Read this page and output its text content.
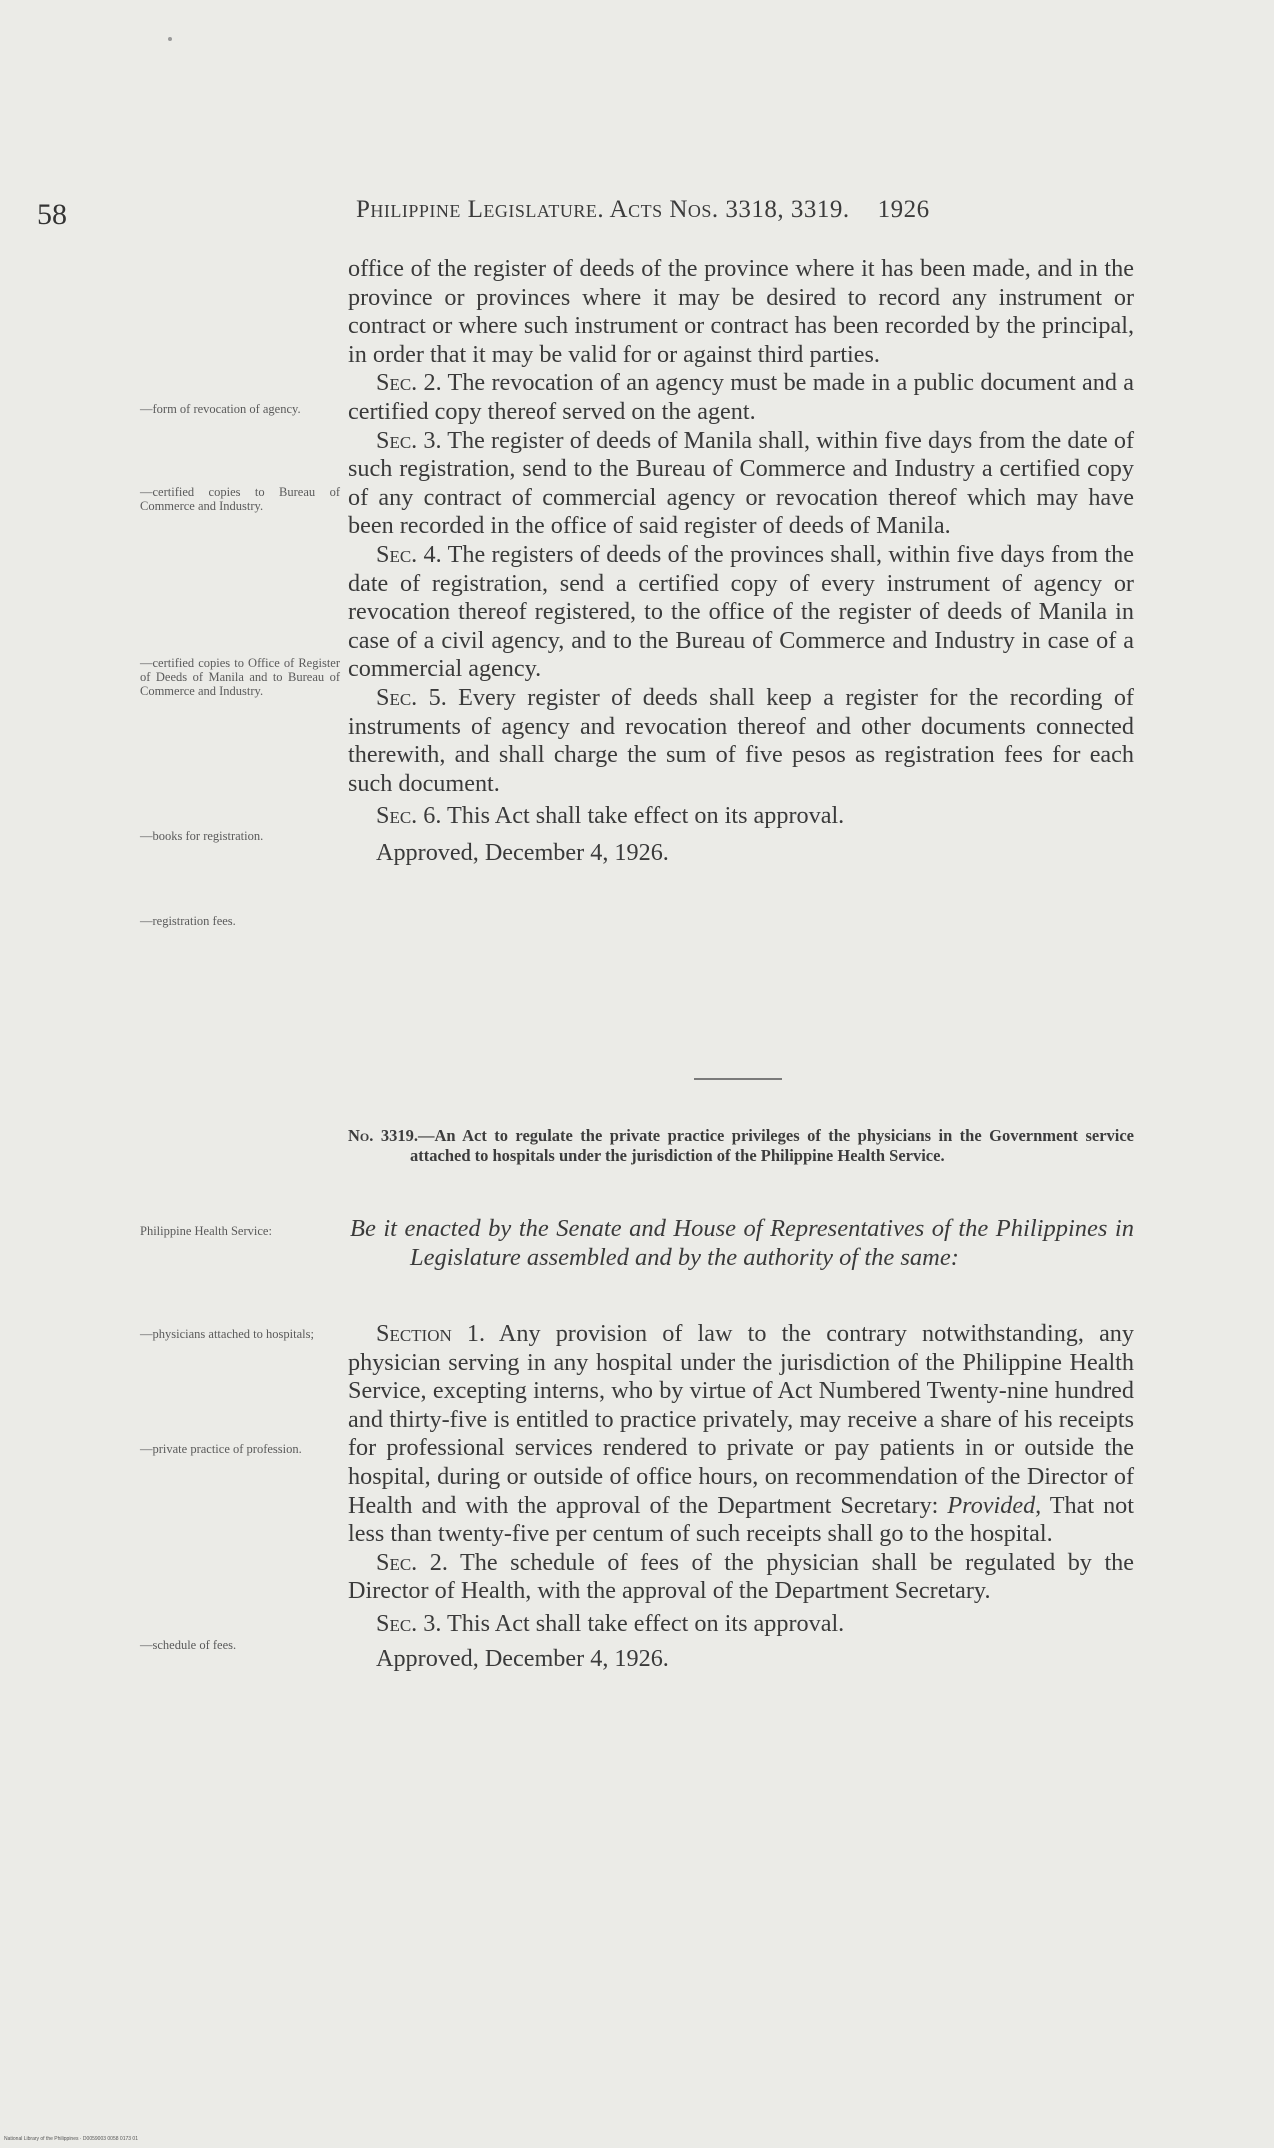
58	Philippine Legislature. Acts Nos. 3318, 3319. 1926

office of the register of deeds of the province where it has been made, and in the province or provinces where it may be desired to record any instrument or contract or where such instrument or contract has been recorded by the principal, in order that it may be valid for or against third parties.

Sec. 2. The revocation of an agency must be made in a public document and a certified copy thereof served on the agent.

Sec. 3. The register of deeds of Manila shall, within five days from the date of such registration, send to the Bureau of Commerce and Industry a certified copy of any contract of commercial agency or revocation thereof which may have been recorded in the office of said register of deeds of Manila.

Sec. 4. The registers of deeds of the provinces shall, within five days from the date of registration, send a certified copy of every instrument of agency or revocation thereof registered, to the office of the register of deeds of Manila in case of a civil agency, and to the Bureau of Commerce and Industry in case of a commercial agency.

Sec. 5. Every register of deeds shall keep a register for the recording of instruments of agency and revocation thereof and other documents connected therewith, and shall charge the sum of five pesos as registration fees for each such document.

Sec. 6. This Act shall take effect on its approval.

Approved, December 4, 1926.

—form of revocation of agency.
—certified copies to Bureau of Commerce and Industry.
—certified copies to Office of Register of Deeds of Manila and to Bureau of Commerce and Industry.
—books for registration.
—registration fees.
No. 3319.—An Act to regulate the private practice privileges of the physicians in the Government service attached to hospitals under the jurisdiction of the Philippine Health Service.
Be it enacted by the Senate and House of Representatives of the Philippines in Legislature assembled and by the authority of the same:

Section 1. Any provision of law to the contrary notwithstanding, any physician serving in any hospital under the jurisdiction of the Philippine Health Service, excepting interns, who by virtue of Act Numbered Twenty-nine hundred and thirty-five is entitled to practice privately, may receive a share of his receipts for professional services rendered to private or pay patients in or outside the hospital, during or outside of office hours, on recommendation of the Director of Health and with the approval of the Department Secretary: Provided, That not less than twenty-five per centum of such receipts shall go to the hospital.

Sec. 2. The schedule of fees of the physician shall be regulated by the Director of Health, with the approval of the Department Secretary.

Sec. 3. This Act shall take effect on its approval.

Approved, December 4, 1926.

Philippine Health Service:
—physicians attached to hospitals;
—private practice of profession.
—schedule of fees.
National Library of the Philippines · D0059003 0058 0173 01
